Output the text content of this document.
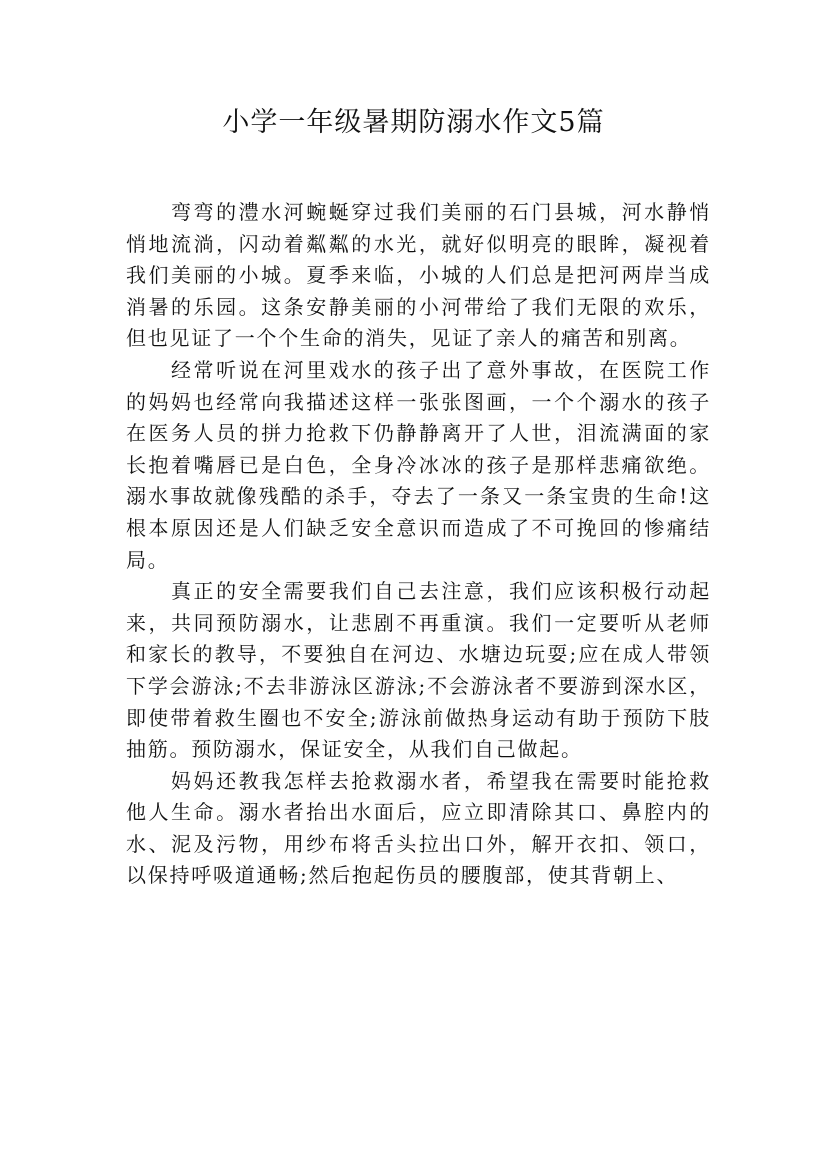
小学一年级暑期防溺水作文5篇

弯弯的澧水河蜿蜒穿过我们美丽的石门县城，河水静悄悄地流淌，闪动着粼粼的水光，就好似明亮的眼眸，凝视着我们美丽的小城。夏季来临，小城的人们总是把河两岸当成消暑的乐园。这条安静美丽的小河带给了我们无限的欢乐，但也见证了一个个生命的消失，见证了亲人的痛苦和别离。

经常听说在河里戏水的孩子出了意外事故，在医院工作的妈妈也经常向我描述这样一张张图画，一个个溺水的孩子在医务人员的拼力抢救下仍静静离开了人世，泪流满面的家长抱着嘴唇已是白色，全身冷冰冰的孩子是那样悲痛欲绝。溺水事故就像残酷的杀手，夺去了一条又一条宝贵的生命!这根本原因还是人们缺乏安全意识而造成了不可挽回的惨痛结局。

真正的安全需要我们自己去注意，我们应该积极行动起来，共同预防溺水，让悲剧不再重演。我们一定要听从老师和家长的教导，不要独自在河边、水塘边玩耍;应在成人带领下学会游泳;不去非游泳区游泳;不会游泳者不要游到深水区，即使带着救生圈也不安全;游泳前做热身运动有助于预防下肢抽筋。预防溺水，保证安全，从我们自己做起。

妈妈还教我怎样去抢救溺水者，希望我在需要时能抢救他人生命。溺水者抬出水面后，应立即清除其口、鼻腔内的水、泥及污物，用纱布将舌头拉出口外，解开衣扣、领口，以保持呼吸道通畅;然后抱起伤员的腰腹部，使其背朝上、
